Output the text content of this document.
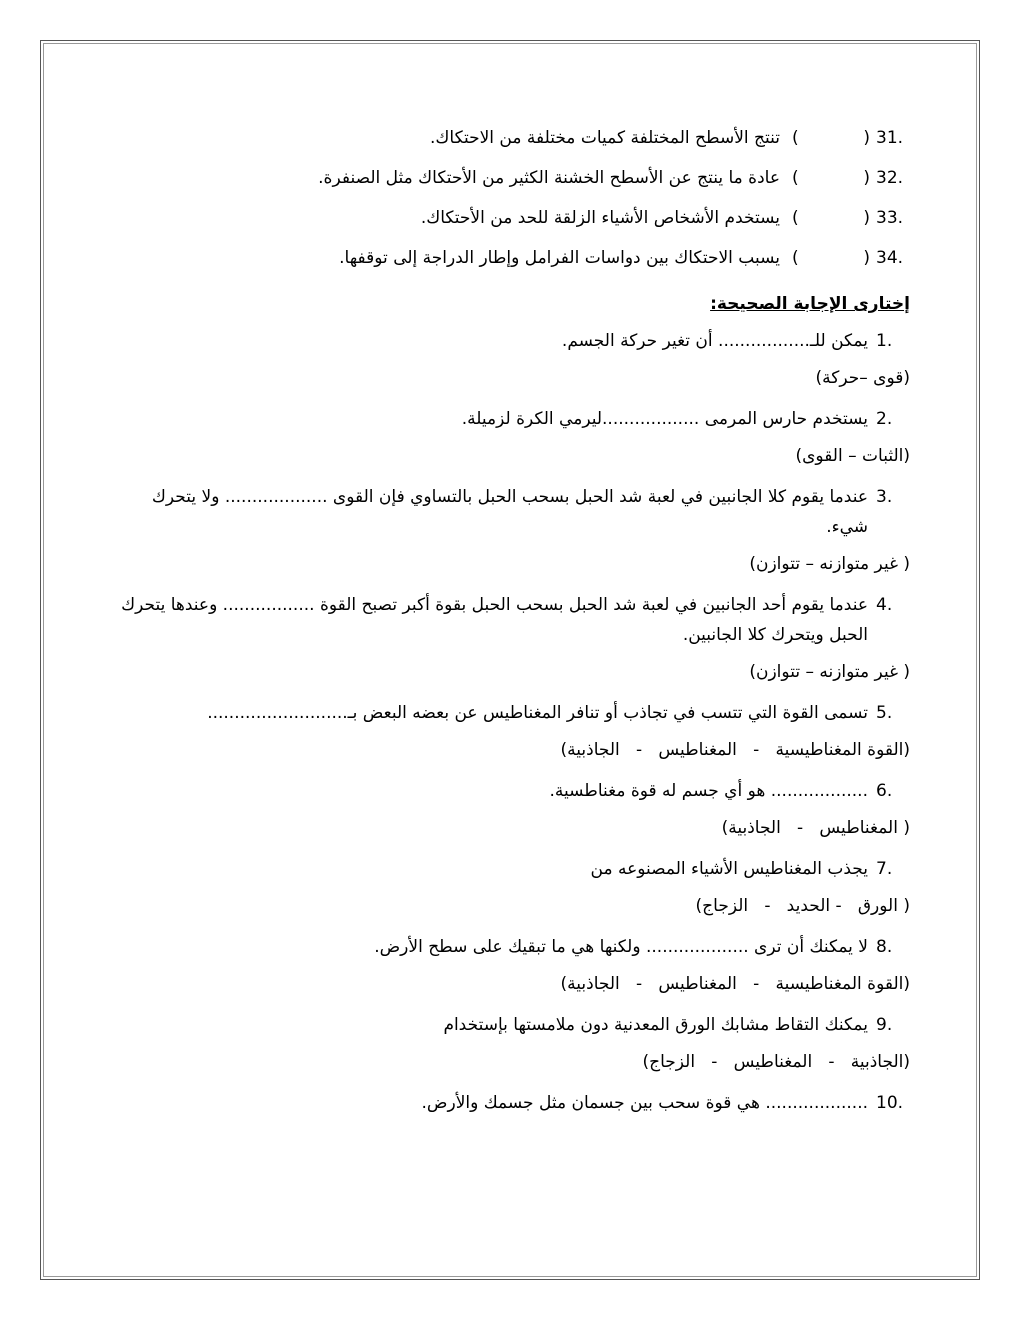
31.
(
)
تنتج الأسطح المختلفة كميات مختلفة من الاحتكاك.
32.
(
)
عادة ما ينتج عن الأسطح الخشنة الكثير من الأحتكاك مثل الصنفرة.
33.
(
)
يستخدم الأشخاص الأشياء الزلقة للحد من الأحتكاك.
34.
(
)
يسبب الاحتكاك بين دواسات الفرامل وإطار الدراجة إلى توقفها.
إختارى الإجابة الصحيحة:
1.
يمكن للـ................. أن تغير حركة الجسم.
(قوى –حركة)
2.
يستخدم حارس المرمى ..................ليرمي الكرة لزميلة.
(الثبات – القوى)
3.
عندما يقوم كلا الجانبين في لعبة شد الحبل بسحب الحبل بالتساوي فإن القوى ................... ولا يتحرك شيء.
( غير متوازنه – تتوازن)
4.
عندما يقوم أحد الجانبين في لعبة شد الحبل بسحب الحبل بقوة أكبر تصبح القوة ................. وعندها يتحرك الحبل ويتحرك كلا الجانبين.
( غير متوازنه – تتوازن)
5.
تسمى القوة التي تتسب في تجاذب أو تنافر المغناطيس عن بعضه البعض بـ..........................
(القوة المغناطيسية   -   المغناطيس   -   الجاذبية)
6.
.................. هو أي جسم له قوة مغناطسية.
( المغناطيس   -   الجاذبية)
7.
يجذب المغناطيس الأشياء المصنوعه من
( الورق   - الحديد   -   الزجاج)
8.
لا يمكنك أن ترى ................... ولكنها هي ما تبقيك على سطح الأرض.
(القوة المغناطيسية   -   المغناطيس   -   الجاذبية)
9.
يمكنك التقاط مشابك الورق المعدنية دون ملامستها بإستخدام
(الجاذبية   -   المغناطيس   -   الزجاج)
10.
................... هي قوة سحب بين جسمان مثل جسمك والأرض.
